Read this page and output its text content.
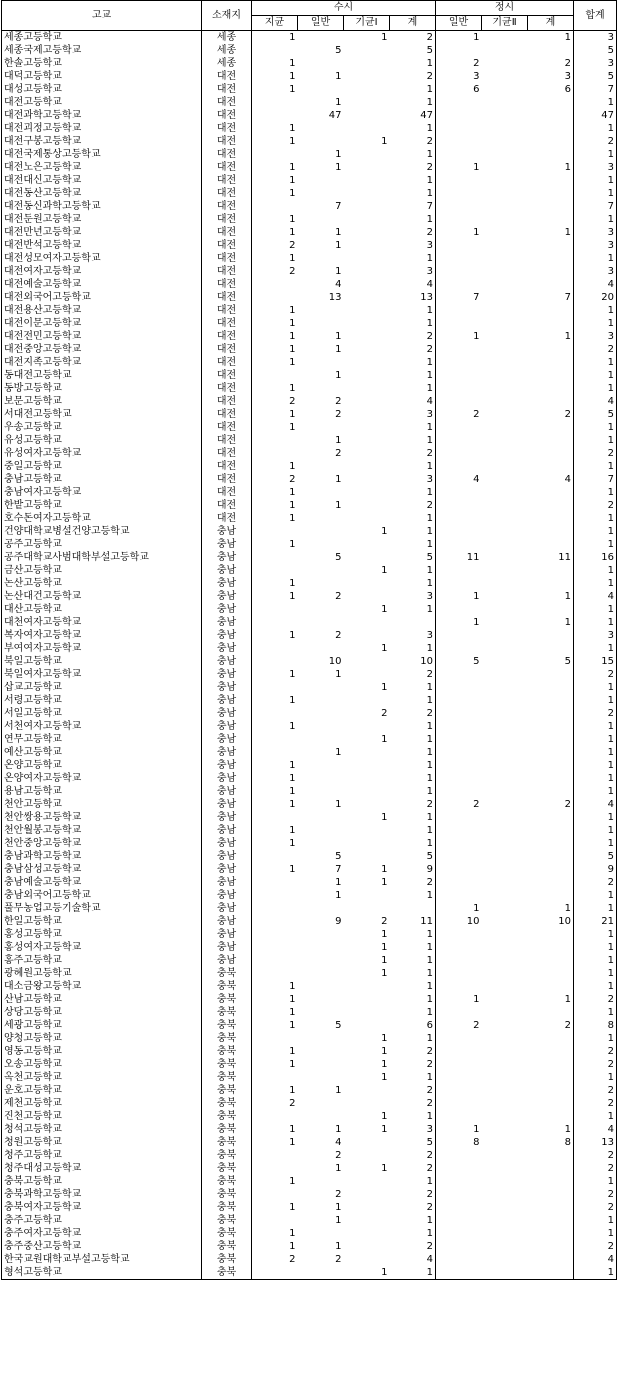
고교	소재지	수시				정시			합계
		지균	일반	기균Ⅰ	계	일반	기균Ⅱ	계	
세종고등학교	세종	1		1	2	1		1	3
세종국제고등학교	세종		5		5				5
한솔고등학교	세종	1			1	2		2	3
대덕고등학교	대전	1	1		2	3		3	5
대성고등학교	대전	1			1	6		6	7
대전고등학교	대전		1		1				1
대전과학고등학교	대전		47		47				47
대전괴정고등학교	대전	1			1				1
대전구봉고등학교	대전	1		1	2				2
대전국제통상고등학교	대전		1		1				1
대전노은고등학교	대전	1	1		2	1		1	3
대전대신고등학교	대전	1			1				1
대전동산고등학교	대전	1			1				1
대전동신과학고등학교	대전		7		7				7
대전둔원고등학교	대전	1			1				1
대전만년고등학교	대전	1	1		2	1		1	3
대전반석고등학교	대전	2	1		3				3
대전성모여자고등학교	대전	1			1				1
대전여자고등학교	대전	2	1		3				3
대전예술고등학교	대전		4		4				4
대전외국어고등학교	대전		13		13	7		7	20
대전용산고등학교	대전	1			1				1
대전이문고등학교	대전	1			1				1
대전전민고등학교	대전	1	1		2	1		1	3
대전중앙고등학교	대전	1	1		2				2
대전지족고등학교	대전	1			1				1
동대전고등학교	대전		1		1				1
동방고등학교	대전	1			1				1
보문고등학교	대전	2	2		4				4
서대전고등학교	대전	1	2		3	2		2	5
우송고등학교	대전	1			1				1
유성고등학교	대전		1		1				1
유성여자고등학교	대전		2		2				2
중일고등학교	대전	1			1				1
충남고등학교	대전	2	1		3	4		4	7
충남여자고등학교	대전	1			1				1
한밭고등학교	대전	1	1		2				2
호수돈여자고등학교	대전	1			1				1
건양대학교병설건양고등학교	충남			1	1				1
공주고등학교	충남	1			1				1
공주대학교사범대학부설고등학교	충남		5		5	11		11	16
금산고등학교	충남			1	1				1
논산고등학교	충남	1			1				1
논산대건고등학교	충남	1	2		3	1		1	4
대산고등학교	충남			1	1				1
대천여자고등학교	충남					1		1	1
복자여자고등학교	충남	1	2		3				3
부여여자고등학교	충남			1	1				1
북일고등학교	충남		10		10	5		5	15
북일여자고등학교	충남	1	1		2				2
삽교고등학교	충남			1	1				1
서령고등학교	충남	1			1				1
서일고등학교	충남			2	2				2
서천여자고등학교	충남	1			1				1
연무고등학교	충남			1	1				1
예산고등학교	충남		1		1				1
온양고등학교	충남	1			1				1
온양여자고등학교	충남	1			1				1
용남고등학교	충남	1			1				1
천안고등학교	충남	1	1		2	2		2	4
천안쌍용고등학교	충남			1	1				1
천안월봉고등학교	충남	1			1				1
천안중앙고등학교	충남	1			1				1
충남과학고등학교	충남		5		5				5
충남삼성고등학교	충남	1	7	1	9				9
충남예술고등학교	충남		1	1	2				2
충남외국어고등학교	충남		1		1				1
풀무농업고등기술학교	충남					1		1	1
한일고등학교	충남		9	2	11	10		10	21
홍성고등학교	충남			1	1				1
홍성여자고등학교	충남			1	1				1
홍주고등학교	충남			1	1				1
광혜원고등학교	충북			1	1				1
대소금왕고등학교	충북	1			1				1
산남고등학교	충북	1			1	1		1	2
상당고등학교	충북	1			1				1
세광고등학교	충북	1	5		6	2		2	8
양청고등학교	충북			1	1				1
영동고등학교	충북	1		1	2				2
오송고등학교	충북	1		1	2				2
옥천고등학교	충북			1	1				1
운호고등학교	충북	1	1		2				2
제천고등학교	충북	2			2				2
진천고등학교	충북			1	1				1
청석고등학교	충북	1	1	1	3	1		1	4
청원고등학교	충북	1	4		5	8		8	13
청주고등학교	충북		2		2				2
청주대성고등학교	충북		1	1	2				2
충북고등학교	충북	1			1				1
충북과학고등학교	충북		2		2				2
충북여자고등학교	충북	1	1		2				2
충주고등학교	충북		1		1				1
충주여자고등학교	충북	1			1				1
충주중산고등학교	충북	1	1		2				2
한국교원대학교부설고등학교	충북	2	2		4				4
형석고등학교	충북			1	1				1
